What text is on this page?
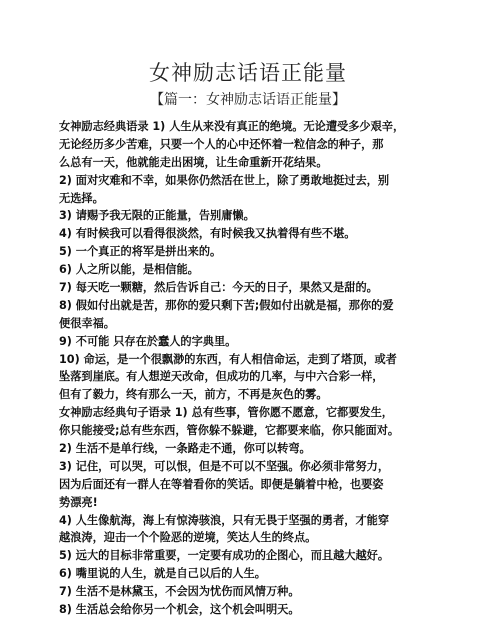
女神励志话语正能量
【篇一：女神励志话语正能量】
女神励志经典语录 1) 人生从来没有真正的绝境。无论遭受多少艰辛，
无论经历多少苦难，只要一个人的心中还怀着一粒信念的种子，那
么总有一天，他就能走出困境，让生命重新开花结果。
2) 面对灾难和不幸，如果你仍然活在世上，除了勇敢地挺过去，别
无选择。
3) 请赐予我无限的正能量，告别庸懒。
4) 有时候我可以看得很淡然，有时候我又执着得有些不堪。
5) 一个真正的将军是拼出来的。
6) 人之所以能，是相信能。
7) 每天吃一颗糖，然后告诉自己：今天的日子，果然又是甜的。
8) 假如付出就是苦，那你的爱只剩下苦;假如付出就是福，那你的爱
便很幸福。
9) 不可能 只存在於蠢人的字典里。
10) 命运，是一个很飘渺的东西，有人相信命运，走到了塔顶，或者
坠落到崖底。有人想逆天改命，但成功的几率，与中六合彩一样，
但有了毅力，终有那么一天，前方，不再是灰色的雾。
女神励志经典句子语录 1) 总有些事，管你愿不愿意，它都要发生，
你只能接受;总有些东西，管你躲不躲避，它都要来临，你只能面对。
2) 生活不是单行线，一条路走不通，你可以转弯。
3) 记住，可以哭，可以恨，但是不可以不坚强。你必须非常努力，
因为后面还有一群人在等着看你的笑话。即便是躺着中枪，也要姿
势漂亮!
4) 人生像航海，海上有惊涛骇浪，只有无畏于坚强的勇者，才能穿
越浪涛，迎击一个个险恶的逆境，笑达人生的终点。
5) 远大的目标非常重要，一定要有成功的企图心，而且越大越好。
6) 嘴里说的人生，就是自己以后的人生。
7) 生活不是林黛玉，不会因为忧伤而风情万种。
8) 生活总会给你另一个机会，这个机会叫明天。
